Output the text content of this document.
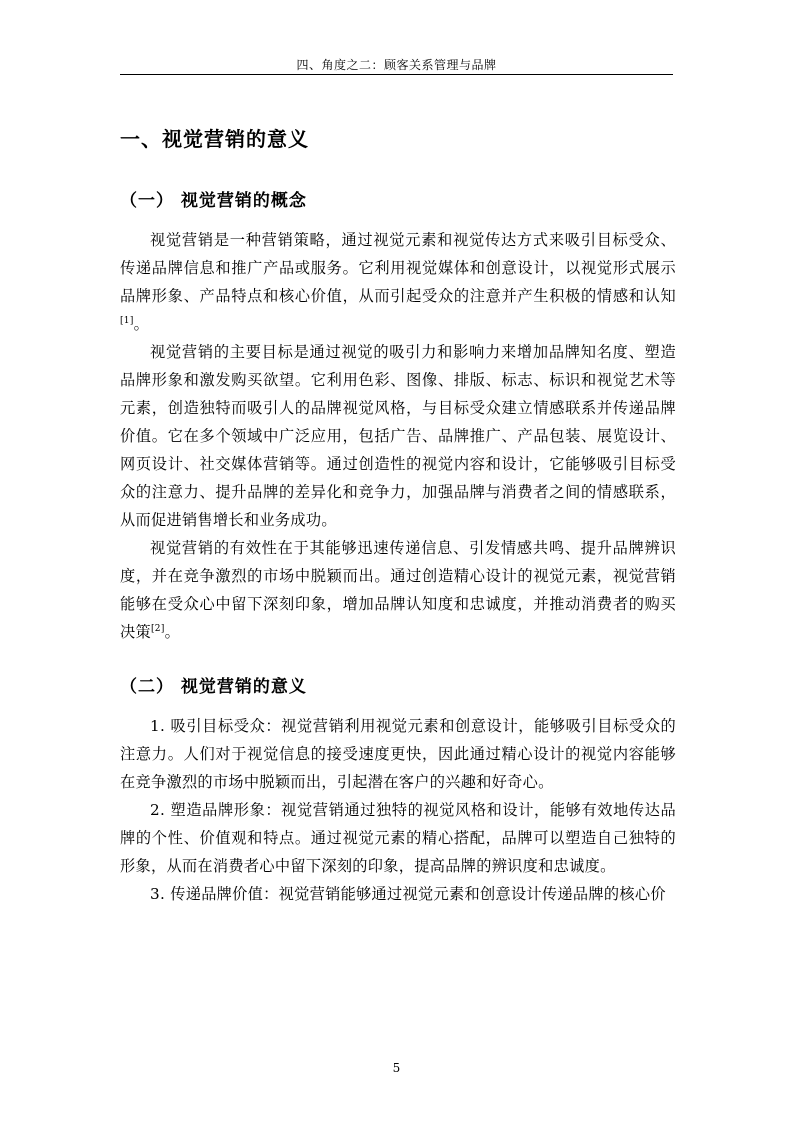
四、角度之二：顾客关系管理与品牌
一、视觉营销的意义
（一） 视觉营销的概念

视觉营销是一种营销策略，通过视觉元素和视觉传达方式来吸引目标受众、传递品牌信息和推广产品或服务。它利用视觉媒体和创意设计，以视觉形式展示品牌形象、产品特点和核心价值，从而引起受众的注意并产生积极的情感和认知[1]。

视觉营销的主要目标是通过视觉的吸引力和影响力来增加品牌知名度、塑造品牌形象和激发购买欲望。它利用色彩、图像、排版、标志、标识和视觉艺术等元素，创造独特而吸引人的品牌视觉风格，与目标受众建立情感联系并传递品牌价值。它在多个领域中广泛应用，包括广告、品牌推广、产品包装、展览设计、网页设计、社交媒体营销等。通过创造性的视觉内容和设计，它能够吸引目标受众的注意力、提升品牌的差异化和竞争力，加强品牌与消费者之间的情感联系，从而促进销售增长和业务成功。

视觉营销的有效性在于其能够迅速传递信息、引发情感共鸣、提升品牌辨识度，并在竞争激烈的市场中脱颖而出。通过创造精心设计的视觉元素，视觉营销能够在受众心中留下深刻印象，增加品牌认知度和忠诚度，并推动消费者的购买决策[2]。

（二） 视觉营销的意义

1. 吸引目标受众：视觉营销利用视觉元素和创意设计，能够吸引目标受众的注意力。人们对于视觉信息的接受速度更快，因此通过精心设计的视觉内容能够在竞争激烈的市场中脱颖而出，引起潜在客户的兴趣和好奇心。

2. 塑造品牌形象：视觉营销通过独特的视觉风格和设计，能够有效地传达品牌的个性、价值观和特点。通过视觉元素的精心搭配，品牌可以塑造自己独特的形象，从而在消费者心中留下深刻的印象，提高品牌的辨识度和忠诚度。

3. 传递品牌价值：视觉营销能够通过视觉元素和创意设计传递品牌的核心价

5
